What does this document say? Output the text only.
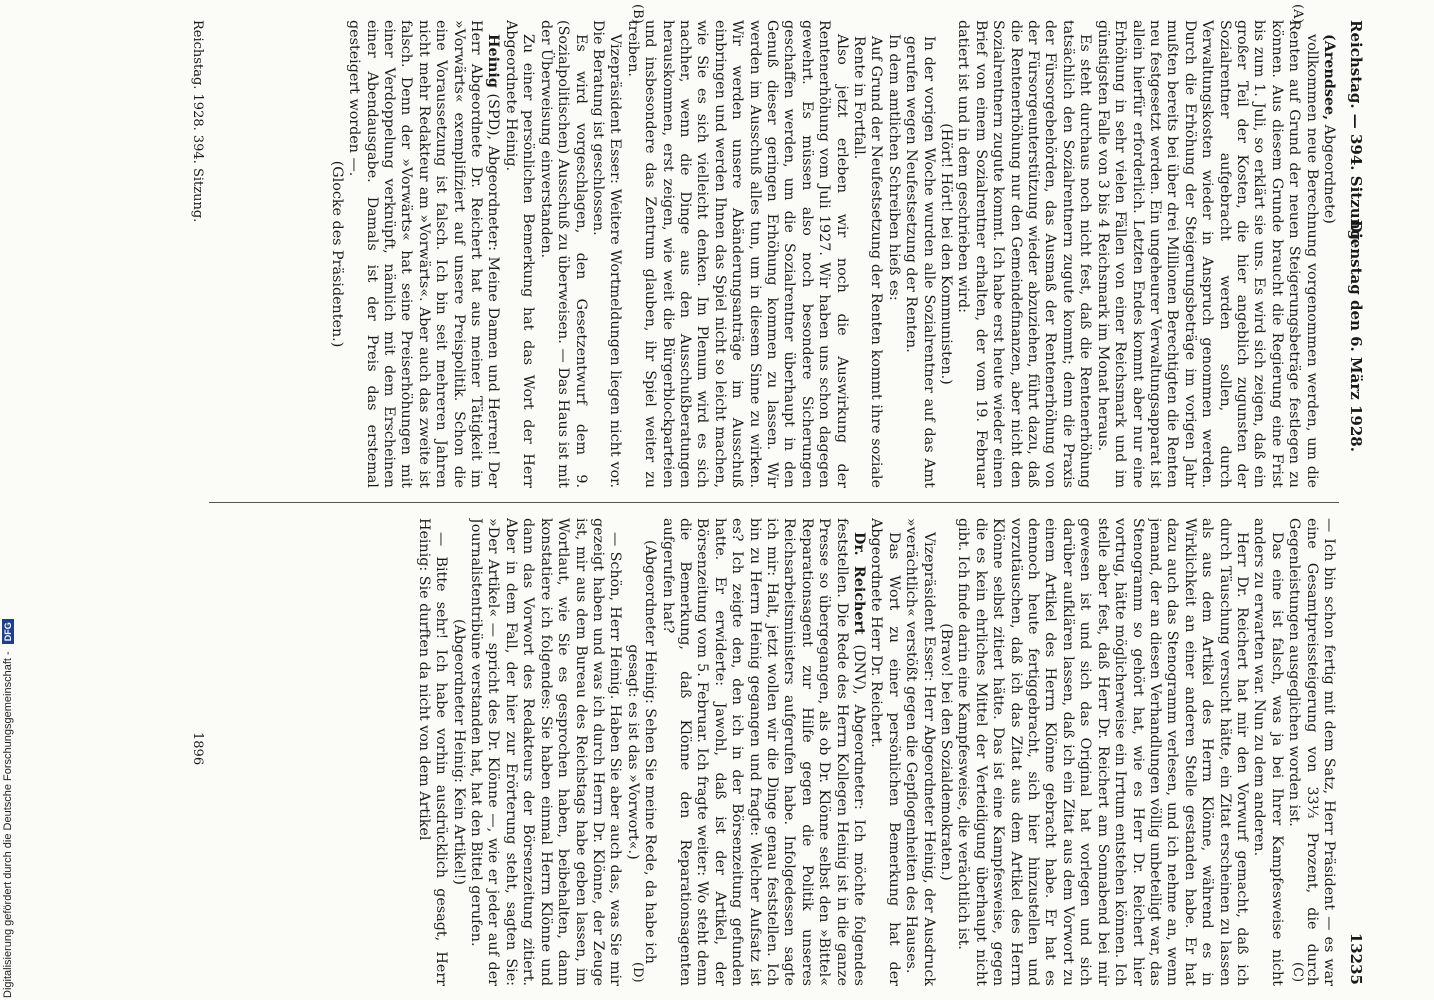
Reichstag. — 394. Sitzung.
Dienstag den 6. März 1928.
13235
(A)
(B)
(C)
(D)

(Arendsee, Abgeordnete)

vollkommen neue Berechnung vorgenommen werden, um die Renten auf Grund der neuen Steigerungsbeträge festlegen zu können. Aus diesem Grunde braucht die Regierung eine Frist bis zum 1. Juli, so erklärt sie uns. Es wird sich zeigen, daß ein großer Teil der Kosten, die hier angeblich zugunsten der Sozialrentner aufgebracht werden sollen, durch Verwaltungskosten wieder in Anspruch genommen werden. Durch die Erhöhung der Steigerungsbeträge im vorigen Jahr mußten bereits bei über drei Millionen Berechtigten die Renten neu festgesetzt werden. Ein ungeheurer Verwaltungsapparat ist allein hierfür erforderlich. Letzten Endes kommt aber nur eine Erhöhung in sehr vielen Fällen von einer Reichsmark und im günstigsten Falle von 3 bis 4 Reichsmark im Monat heraus.

Es steht durchaus noch nicht fest, daß die Rentenerhöhung tatsächlich den Sozialrentnern zugute kommt; denn die Praxis der Fürsorgebehörden, das Ausmaß der Rentenerhöhung von der Fürsorgeunterstützung wieder abzuziehen, führt dazu, daß die Rentenerhöhung nur den Gemeindefinanzen, aber nicht den Sozialrentnern zugute kommt. Ich habe erst heute wieder einen Brief von einem Sozialrentner erhalten, der vom 19. Februar datiert ist und in dem geschrieben wird:

(Hört! Hört! bei den Kommunisten.)

In der vorigen Woche wurden alle Sozialrentner auf das Amt gerufen wegen Neufestsetzung der Renten.

In dem amtlichen Schreiben hieß es:

Auf Grund der Neufestsetzung der Renten kommt ihre soziale Rente in Fortfall.

Also jetzt erleben wir noch die Auswirkung der Rentenerhöhung vom Juli 1927. Wir haben uns schon dagegen gewehrt. Es müssen also noch besondere Sicherungen geschaffen werden, um die Sozialrentner überhaupt in den Genuß dieser geringen Erhöhung kommen zu lassen. Wir werden im Ausschuß alles tun, um in diesem Sinne zu wirken. Wir werden unsere Abänderungsanträge im Ausschuß einbringen und werden Ihnen das Spiel nicht so leicht machen, wie Sie es sich vielleicht denken. Im Plenum wird es sich nachher, wenn die Dinge aus den Ausschußberatungen herauskommen, erst zeigen, wie weit die Bürgerblockparteien und insbesondere das Zentrum glauben, ihr Spiel weiter zu treiben.

Vizepräsident Esser: Weitere Wortmeldungen liegen nicht vor. Die Beratung ist geschlossen.

Es wird vorgeschlagen, den Gesetzentwurf dem 9. (Sozialpolitischen) Ausschuß zu überweisen. — Das Haus ist mit der Überweisung einverstanden.

Zu einer persönlichen Bemerkung hat das Wort der Herr Abgeordnete Heinig.

Heinig (SPD), Abgeordneter: Meine Damen und Herren! Der Herr Abgeordnete Dr. Reichert hat aus meiner Tätigkeit im »Vorwärts« exemplifiziert auf unsere Preispolitik. Schon die eine Voraussetzung ist falsch. Ich bin seit mehreren Jahren nicht mehr Redakteur am »Vorwärts«. Aber auch das zweite ist falsch. Denn der »Vorwärts« hat seine Preiserhöhungen mit einer Verdoppelung verknüpft, nämlich mit dem Erscheinen einer Abendausgabe. Damals ist der Preis das erstemal gesteigert worden —.

(Glocke des Präsidenten.)

— Ich bin schon fertig mit dem Satz, Herr Präsident — es war eine Gesamtpreissteigerung von 33⅓ Prozent, die durch Gegenleistungen ausgeglichen worden ist.

Das eine ist falsch, was ja bei Ihrer Kampfesweise nicht anders zu erwarten war. Nun zu dem anderen.

Herr Dr. Reichert hat mir den Vorwurf gemacht, daß ich durch Täuschung versucht hätte, ein Zitat erscheinen zu lassen als aus dem Artikel des Herrn Klönne, während es in Wirklichkeit an einer anderen Stelle gestanden habe. Er hat dazu auch das Stenogramm verlesen, und ich nehme an, wenn jemand, der an diesen Verhandlungen völlig unbeteiligt war, das Stenogramm so gehört hat, wie es Herr Dr. Reichert hier vortrug, hätte möglicherweise ein Irrtum entstehen können. Ich stelle aber fest, daß Herr Dr. Reichert am Sonnabend bei mir gewesen ist und sich das Original hat vorlegen und sich darüber aufklären lassen, daß ich ein Zitat aus dem Vorwort zu einem Artikel des Herrn Klönne gebracht habe. Er hat es dennoch heute fertiggebracht, sich hier hinzustellen und vorzutäuschen, daß ich das Zitat aus dem Artikel des Herrn Klönne selbst zitiert hätte. Das ist eine Kampfesweise, gegen die es kein ehrliches Mittel der Verteidigung überhaupt nicht gibt. Ich finde darin eine Kampfesweise, die verächtlich ist.

(Bravo! bei den Sozialdemokraten.)

Vizepräsident Esser: Herr Abgeordneter Heinig, der Ausdruck »verächtlich« verstößt gegen die Gepflogenheiten des Hauses.

Das Wort zu einer persönlichen Bemerkung hat der Abgeordnete Herr Dr. Reichert.

Dr. Reichert (DNV), Abgeordneter: Ich möchte folgendes feststellen. Die Rede des Herrn Kollegen Heinig ist in die ganze Presse so übergegangen, als ob Dr. Klönne selbst den »Bittel« Reparationsagent zur Hilfe gegen die Politik unseres Reichsarbeitsministers aufgerufen habe. Infolgedessen sagte ich mir: Halt, jetzt wollen wir die Dinge genau feststellen. Ich bin zu Herrn Heinig gegangen und fragte: Welcher Aufsatz ist es? Ich zeigte den, den ich in der Börsenzeitung gefunden hatte. Er erwiderte: Jawohl, daß ist der Artikel, der Börsenzeitung vom 5. Februar. Ich fragte weiter: Wo steht denn die Bemerkung, daß Klönne den Reparationsagenten aufgerufen hat?

(Abgeordneter Heinig: Sehen Sie meine Rede, da habe ich gesagt: es ist das »Vorwort«.)

— Schön, Herr Heinig. Haben Sie aber auch das, was Sie mir gezeigt haben und was ich durch Herrn Dr. Klönne, der Zeuge ist, mir aus dem Bureau des Reichstags habe geben lassen, im Wortlaut, wie Sie es gesprochen haben, beibehalten, dann konstatiere ich folgendes: Sie haben einmal Herrn Klönne und dann das Vorwort des Redakteurs der Börsenzeitung zitiert. Aber in dem Fall, der hier zur Erörterung steht, sagten Sie: »Der Artikel« — spricht des Dr. Klönne —, wie er jeder auf der Journalistentribüne verstanden hat, hat den Bittel gerufen.

(Abgeordneter Heinig: Kein Artikel!)

— Bitte sehr! Ich habe vorhin ausdrücklich gesagt, Herr Heinig: Sie durften da nicht von dem Artikel

Reichstag. 1928. 394. Sitzung.
1896
Digitalisierung gefördert durch die Deutsche Forschungsgemeinschaft - DFG
